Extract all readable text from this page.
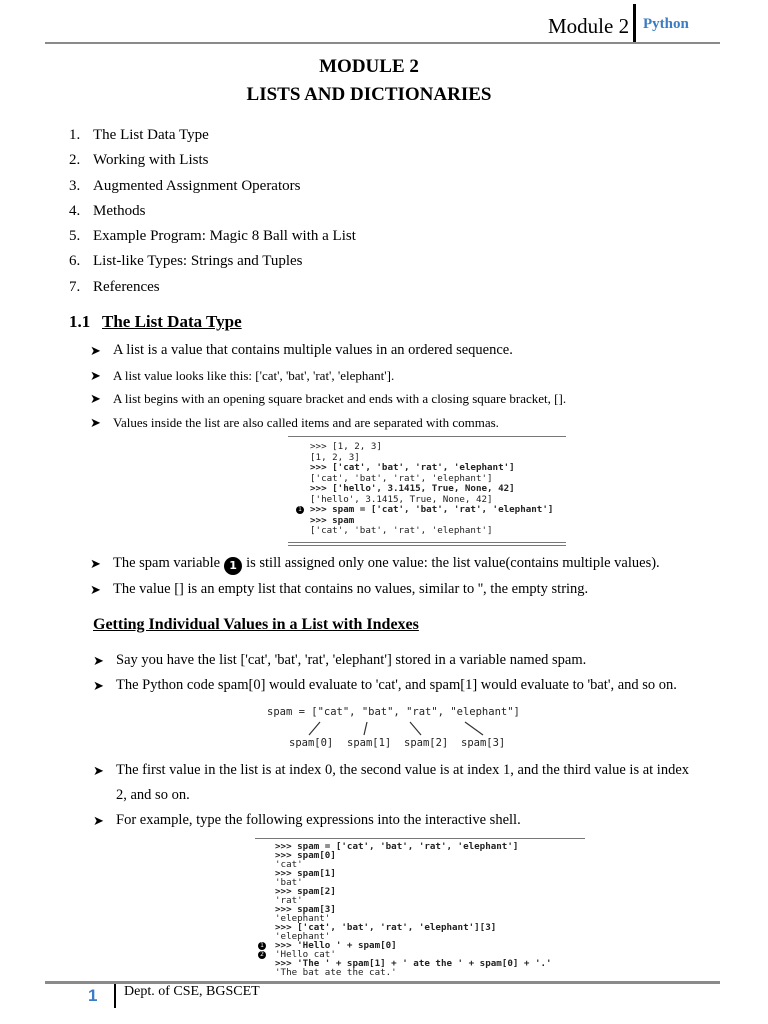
Module 2 Python
MODULE 2
LISTS AND DICTIONARIES
1. The List Data Type
2. Working with Lists
3. Augmented Assignment Operators
4. Methods
5. Example Program: Magic 8 Ball with a List
6. List-like Types: Strings and Tuples
7. References
1.1 The List Data Type
➤ A list is a value that contains multiple values in an ordered sequence.
➤ A list value looks like this: ['cat', 'bat', 'rat', 'elephant'].
➤ A list begins with an opening square bracket and ends with a closing square bracket, [].
➤ Values inside the list are also called items and are separated with commas.
>>> [1, 2, 3]
[1, 2, 3]
>>> ['cat', 'bat', 'rat', 'elephant']
['cat', 'bat', 'rat', 'elephant']
>>> ['hello', 3.1415, True, None, 42]
['hello', 3.1415, True, None, 42]
1 >>> spam = ['cat', 'bat', 'rat', 'elephant']
>>> spam
['cat', 'bat', 'rat', 'elephant']
➤ The spam variable 1 is still assigned only one value: the list value(contains multiple values).
➤ The value [] is an empty list that contains no values, similar to '', the empty string.
Getting Individual Values in a List with Indexes
➤ Say you have the list ['cat', 'bat', 'rat', 'elephant'] stored in a variable named spam.
➤ The Python code spam[0] would evaluate to 'cat', and spam[1] would evaluate to 'bat', and so on.
spam = ["cat", "bat", "rat", "elephant"]
spam[0] spam[1] spam[2] spam[3]
➤ The first value in the list is at index 0, the second value is at index 1, and the third value is at index
2, and so on.
➤ For example, type the following expressions into the interactive shell.
>>> spam = ['cat', 'bat', 'rat', 'elephant']
>>> spam[0]
'cat'
>>> spam[1]
'bat'
>>> spam[2]
'rat'
>>> spam[3]
'elephant'
>>> ['cat', 'bat', 'rat', 'elephant'][3]
'elephant'
1 >>> 'Hello ' + spam[0]
2 'Hello cat'
>>> 'The ' + spam[1] + ' ate the ' + spam[0] + '.'
'The bat ate the cat.'
1 Dept. of CSE, BGSCET
